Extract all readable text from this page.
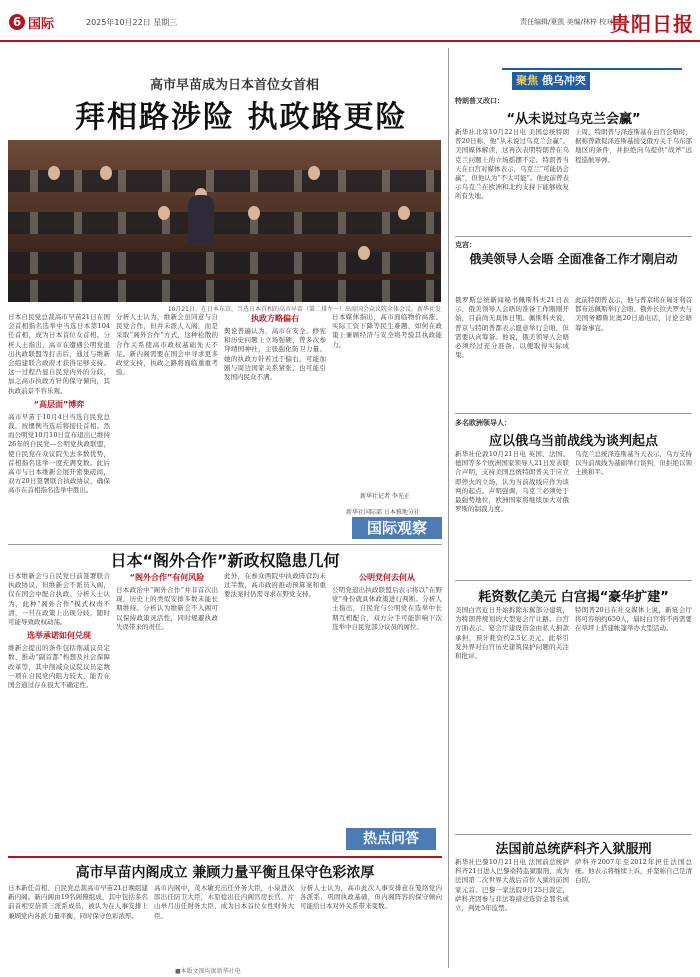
6 国际	2025年10月22日 星期三	责任编辑/夏凯 美编/林梓 校对/兰
贵阳日报
高市早苗成为日本首位女首相
拜相路涉险 执政路更险
10月21日，在日本东京，当选日本首相的高市早苗（第二排左一）出席国会众议院全体会议。新华社发
日本自民党总裁高市早苗21日在国会首相指名选举中当选日本第104任首相，成为日本首位女首相。分析人士指出，高市在遭遇公明党退出执政联盟等打击后，通过与维新会组建联合政府才获得足够支持。这一过程凸显自民党内外的分歧，加之高市执政方针的保守倾向，其执政前景不容乐观。
“高层面”博弈
高市早苗于10月4日当选自民党总裁，按惯例当选后将接任首相。然而公明党10月10日宣布退出已维持26年的自民党—公明党执政联盟，使自民党在众议院失去多数优势，首相指名选举一度充满变数。此后高市与日本维新会展开密集磋商，双方20日签署联合执政协议，确保高市在首相指名选举中胜出。
分析人士认为，维新会虽同意与自民党合作，但并未派人入阁，而是采取“阁外合作”方式，这种松散的合作关系使高市政权基础先天不足。新内阁需要在国会中寻求更多政党支持，执政之路将面临重重考验。
执政方略偏右
舆论普遍认为，高市在安全、修宪和历史问题上立场强硬，曾多次参拜靖国神社，主张强化防卫力量。她的执政方针若过于偏右，可能加剧与周边国家关系紧张，也可能引发国内民众不满。
日本媒体指出，高市面临物价高涨、实际工资下降等民生难题，如何在政策上兼顾经济与安全将考验其执政能力。
新华社记者 李光正
新华社国际部 日本雅地分社
国际观察
日本“阁外合作”新政权隐患几何
日本维新会与自民党日前签署联合执政协议，但维新会不派员入阁，仅在国会中配合执政。分析人士认为，此种“阁外合作”模式权责不清，一旦在政策上出现分歧，随时可能导致政权动荡。
选举承诺如何兑现
维新会提出的条件包括削减议员定数、推动“副首都”构想及社会保障改革等，其中削减众议院议员定数一项在自民党内阻力较大，能否在国会通过存在很大不确定性。
“阁外合作”有何风险
日本政治中“阁外合作”并非首次出现，历史上的类似安排多数未能长期维持。分析认为维新会不入阁可以保持政策灵活性，同时规避执政失误带来的责任。
此外，在参众两院中执政阵营均未过半数，高市政府推动预算案和重要法案时仍需寻求在野党支持。
公明党何去何从
公明党退出执政联盟后表示将以“在野党”身份就具体政策进行判断。分析人士指出，自民党与公明党在选举中长期互相配合，双方分手可能影响下次选举中自民党部分议员的席位。
热点问答
高市早苗内阁成立 兼顾力量平衡且保守色彩浓厚
日本新任首相、自民党总裁高市早苗21日晚组建新内阁。新内阁由19名阁僚组成，其中包括多名前首相安倍晋三派系成员，被认为在人事安排上兼顾党内各派力量平衡，同时保守色彩浓厚。
高市内阁中，茂木敏充出任外务大臣，小泉进次郎出任防卫大臣，木原稔出任内阁官房长官，片山皋月出任财务大臣，成为日本首位女性财务大臣。
分析人士认为，高市此次人事安排意在笼络党内各派系、巩固执政基础，但内阁阵容的保守倾向可能给日本对外关系带来变数。
■本版文图均据新华社电
聚焦 俄乌冲突
特朗普又改口：
“从未说过乌克兰会赢”
新华社北京10月22日电 美国总统特朗普20日称，他“从未说过乌克兰会赢”。美国媒体解读，这再次表明特朗普在乌克兰问题上的立场摇摆不定。特朗普当天在白宫对媒体表示，乌克兰“可能仍会赢”，但他认为“不太可能”。他此前曾表示乌克兰在欧洲和北约支持下能够收复所有失地。
上周，特朗普与泽连斯基在白宫会晤时，据称曾敦促泽连斯基接受俄方关于乌东部地区的条件，并拒绝向乌提供“战斧”远程巡航导弹。
克宫：
俄美领导人会晤 全面准备工作才刚启动
俄罗斯总统新闻秘书佩斯科夫21日表示，俄美领导人会晤的准备工作刚刚开始，目前尚无具体日期。佩斯科夫说，普京与特朗普都表示愿意举行会晤，但需要认真筹备。他说，俄美领导人会晤必须经过充分准备，以便取得实际成果。
此前特朗普表示，他与普京将在匈牙利首都布达佩斯举行会晤。俄外长拉夫罗夫与美国务卿鲁比奥20日通电话，讨论会晤筹备事宜。
多名欧洲领导人：
应以俄乌当前战线为谈判起点
新华社伦敦10月21日电 英国、法国、德国等多个欧洲国家领导人21日发表联合声明，支持美国总统特朗普关于应立即停火的立场，认为当前战线应作为谈判的起点。声明强调，乌克兰必须处于最强势地位，欧洲国家将继续加大对俄罗斯的制裁力度。
乌克兰总统泽连斯基当天表示，乌方支持以当前战线为基础举行谈判，但拒绝以领土换和平。
耗资数亿美元 白宫揭“豪华扩建”
美国白宫近日开始拆除东翼部分建筑，为特朗普规划的大型宴会厅让路。白宫方面表示，宴会厅建设资金由私人捐款承担，预计耗资约2.5亿美元。此举引发外界对白宫历史建筑保护问题的关注和批评。
特朗普20日在社交媒体上说，新宴会厅将可容纳约650人，届时白宫将不再需要在草坪上搭建帐篷举办大型活动。
法国前总统萨科齐入狱服刑
新华社巴黎10月21日电 法国前总统萨科齐21日进入巴黎桑特监狱服刑，成为法国第二次世界大战后首位入狱的前国家元首。巴黎一家法院9月25日裁定，萨科齐因参与非法筹措竞选资金罪名成立，判处5年监禁。
萨科齐2007年至2012年担任法国总统。他表示将继续上诉，并坚称自己是清白的。
